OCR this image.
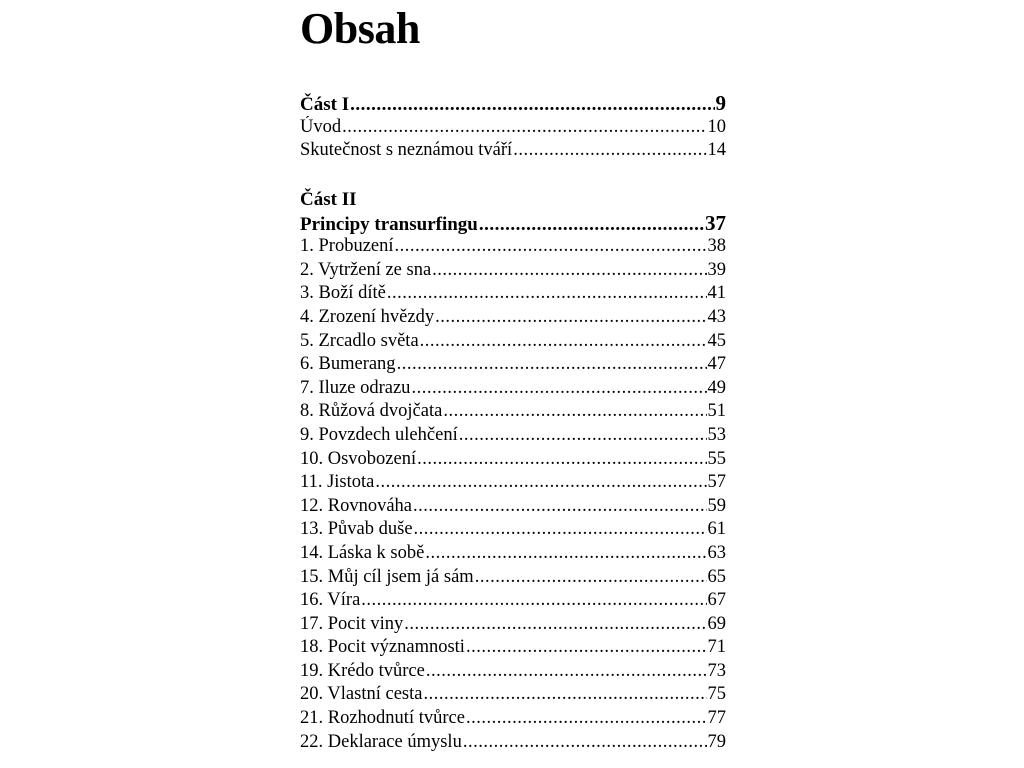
Obsah
Část I .....	9
Úvod .....	10
Skutečnost s neznámou tváří .....	14
Část II
Principy transurfingu .....	37
1. Probuzení .....	38
2. Vytržení ze sna .....	39
3. Boží dítě .....	41
4. Zrození hvězdy .....	43
5. Zrcadlo světa .....	45
6. Bumerang .....	47
7. Iluze odrazu .....	49
8. Růžová dvojčata .....	51
9. Povzdech ulehčení .....	53
10. Osvobození .....	55
11. Jistota .....	57
12. Rovnováha .....	59
13. Půvab duše .....	61
14. Láska k sobě .....	63
15. Můj cíl jsem já sám .....	65
16. Víra .....	67
17. Pocit viny .....	69
18. Pocit významnosti .....	71
19. Krédo tvůrce .....	73
20. Vlastní cesta .....	75
21. Rozhodnutí tvůrce .....	77
22. Deklarace úmyslu .....	79
